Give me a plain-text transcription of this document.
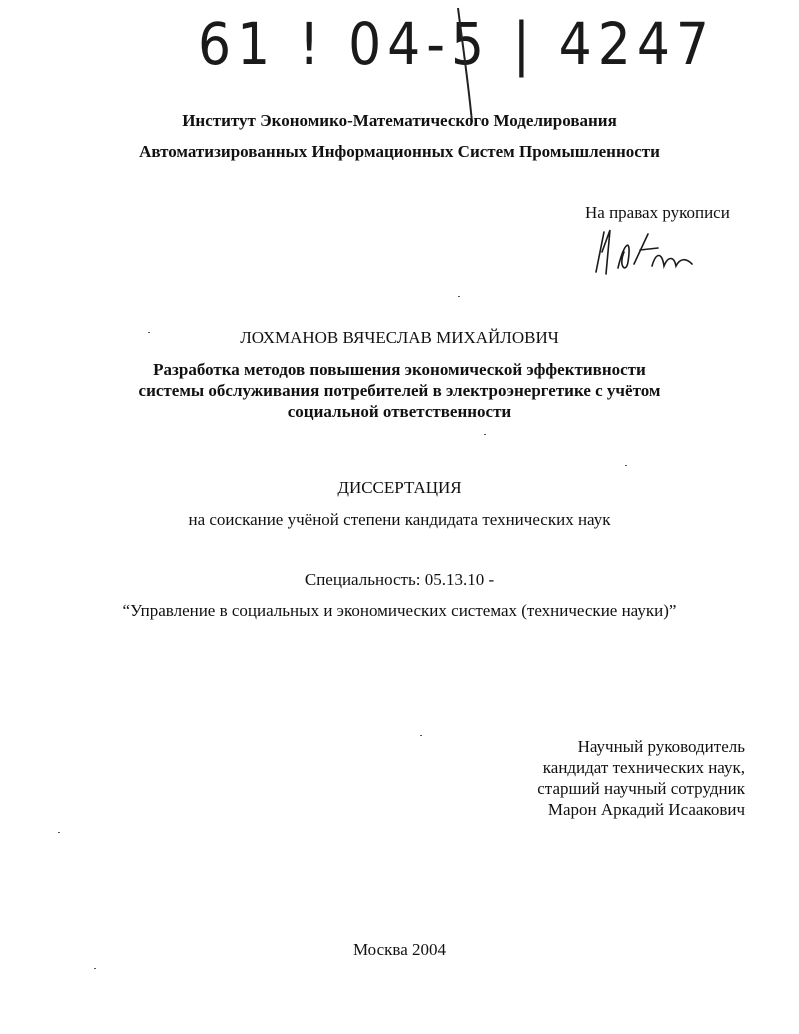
61 ! 04-5 | 4247
Институт Экономико-Математического Моделирования
Автоматизированных Информационных Систем Промышленности
На правах рукописи
ЛОХМАНОВ ВЯЧЕСЛАВ МИХАЙЛОВИЧ
Разработка методов повышения экономической эффективности
системы обслуживания потребителей в электроэнергетике с учётом
социальной ответственности
ДИССЕРТАЦИЯ
на соискание учёной степени кандидата технических наук
Специальность: 05.13.10 -
“Управление в социальных и экономических системах (технические науки)”
Научный руководитель
кандидат технических наук,
старший научный сотрудник
Марон Аркадий Исаакович
Москва 2004
